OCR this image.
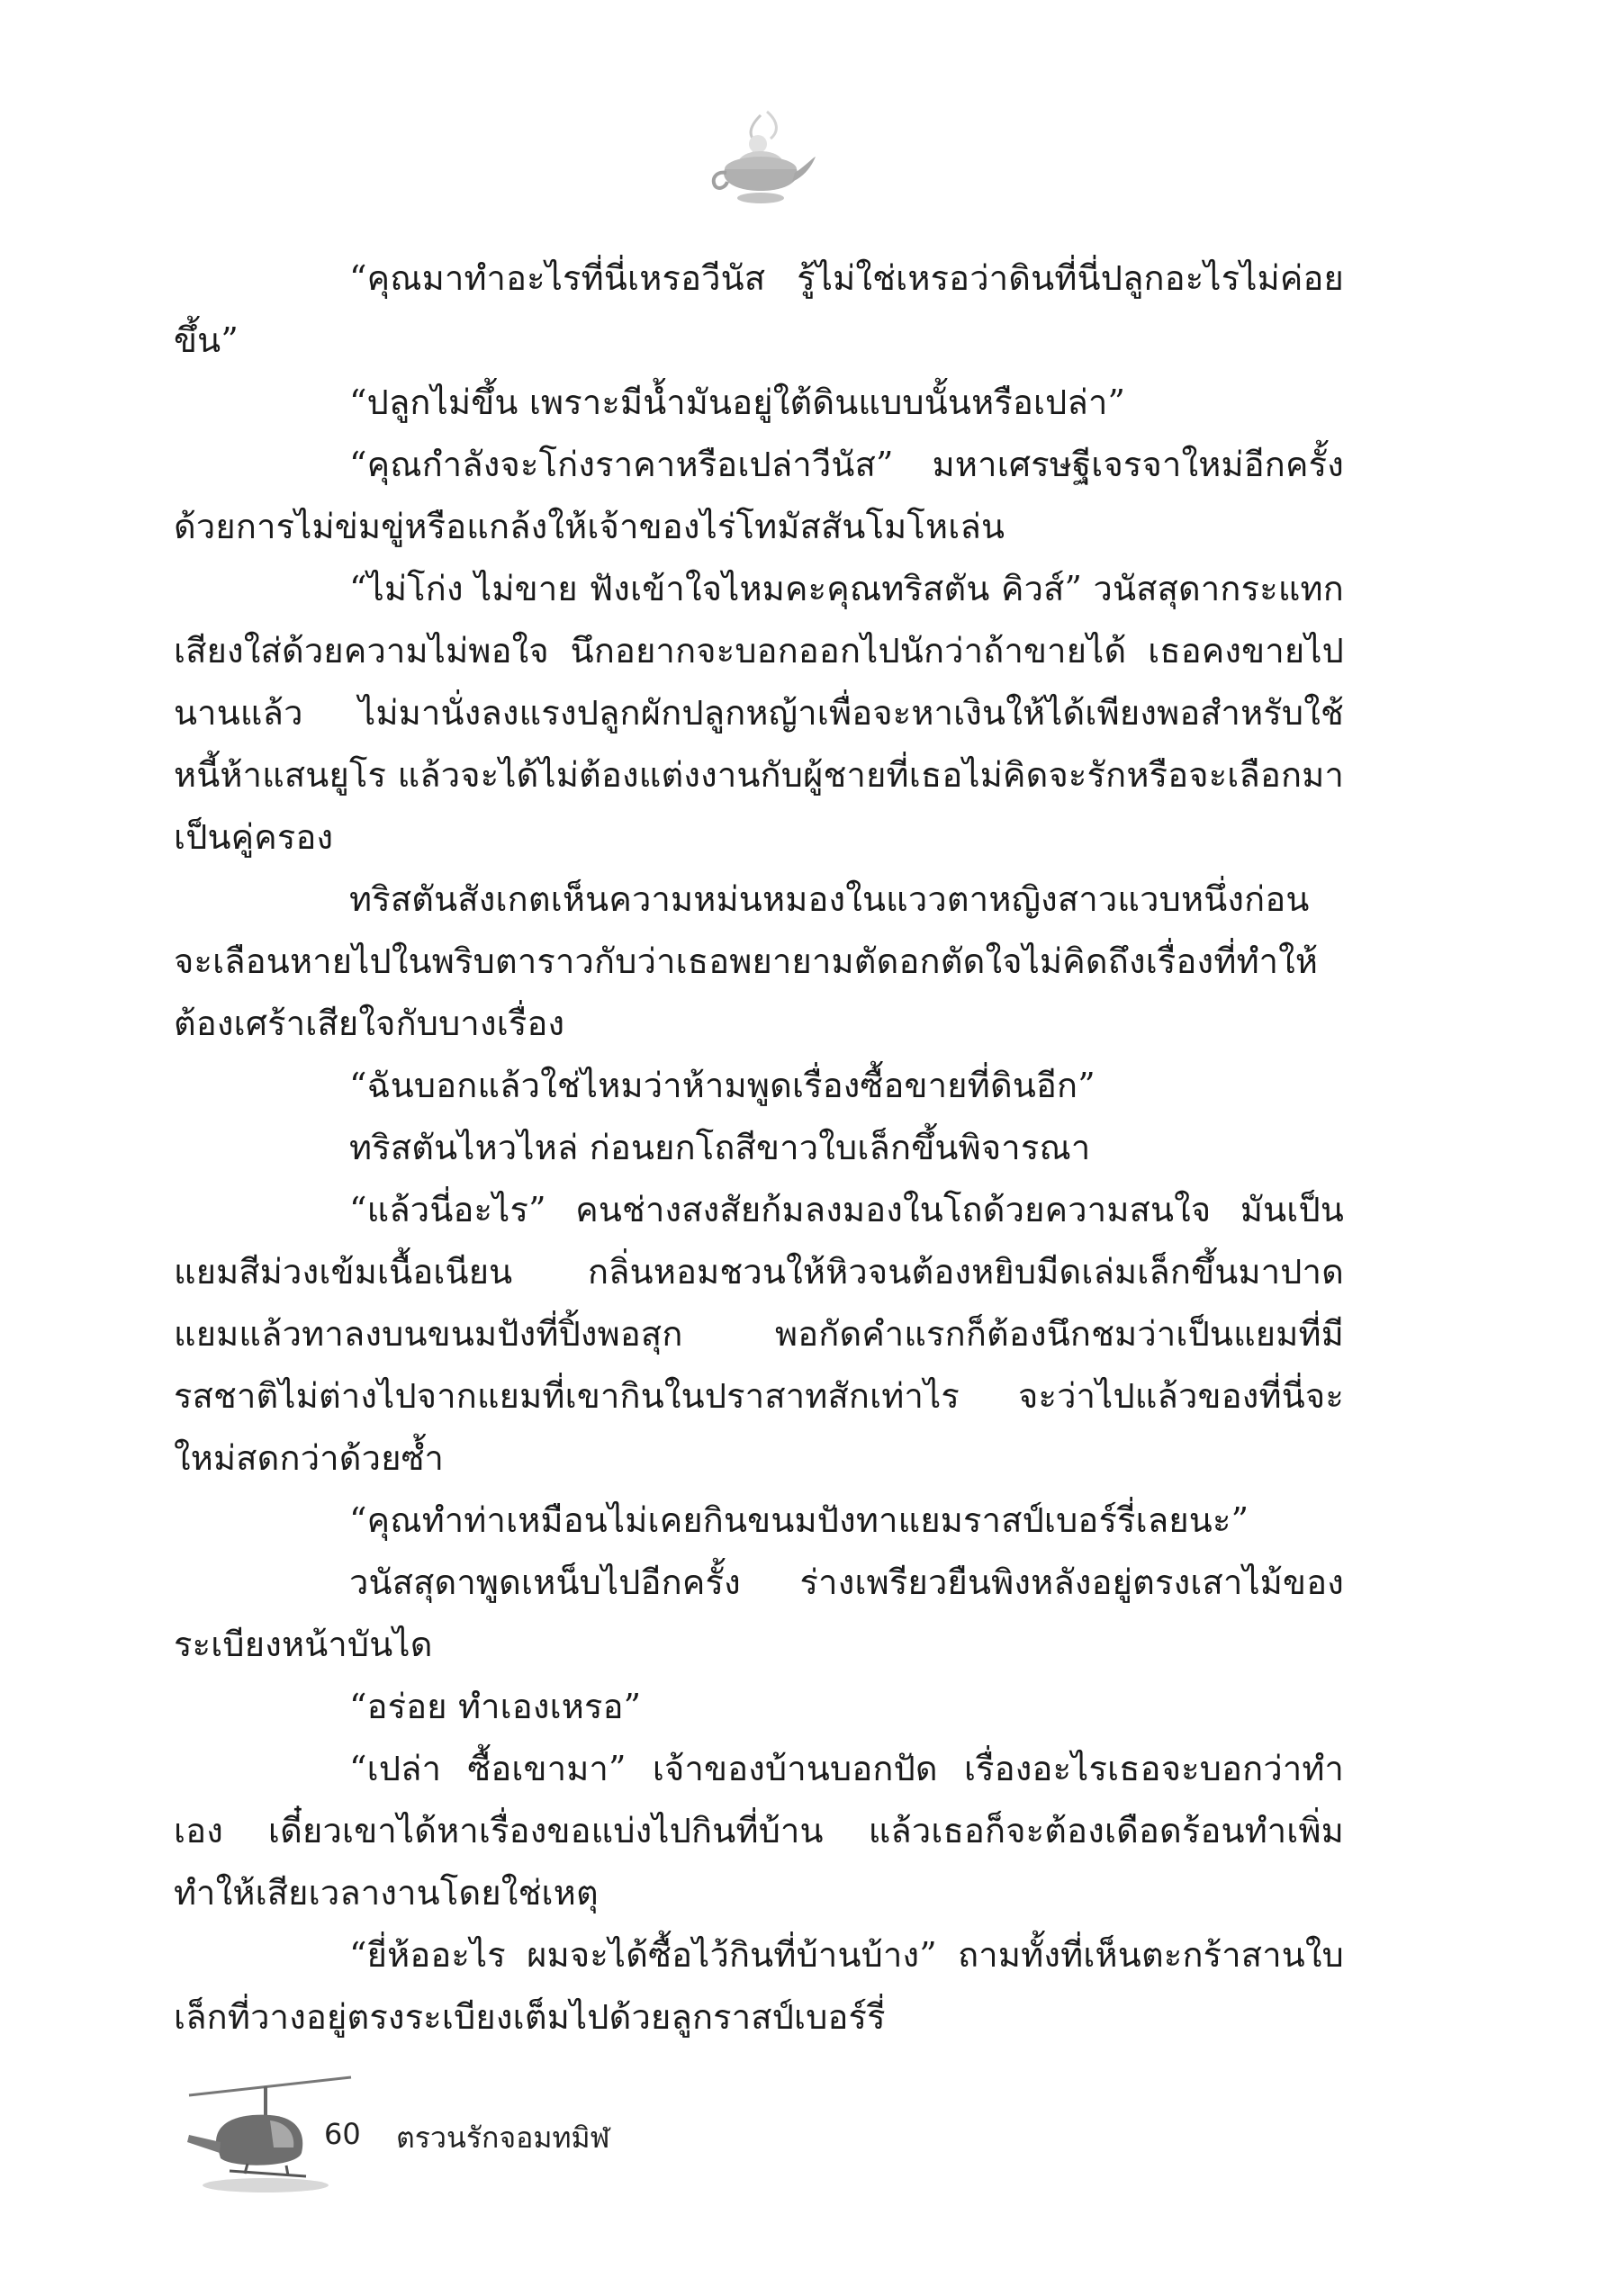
“คุณมาทำอะไรที่นี่เหรอวีนัส รู้ไม่ใช่เหรอว่าดินที่นี่ปลูกอะไรไม่ค่อยขึ้น”

“ปลูกไม่ขึ้น เพราะมีน้ำมันอยู่ใต้ดินแบบนั้นหรือเปล่า”

“คุณกำลังจะโก่งราคาหรือเปล่าวีนัส” มหาเศรษฐีเจรจาใหม่อีกครั้งด้วยการไม่ข่มขู่หรือแกล้งให้เจ้าของไร่โทมัสสันโมโหเล่น

“ไม่โก่ง ไม่ขาย ฟังเข้าใจไหมคะคุณทริสตัน คิวส์” วนัสสุดากระแทกเสียงใส่ด้วยความไม่พอใจ นึกอยากจะบอกออกไปนักว่าถ้าขายได้ เธอคงขายไปนานแล้ว ไม่มานั่งลงแรงปลูกผักปลูกหญ้าเพื่อจะหาเงินให้ได้เพียงพอสำหรับใช้หนี้ห้าแสนยูโร แล้วจะได้ไม่ต้องแต่งงานกับผู้ชายที่เธอไม่คิดจะรักหรือจะเลือกมาเป็นคู่ครอง

ทริสตันสังเกตเห็นความหม่นหมองในแววตาหญิงสาวแวบหนึ่งก่อนจะเลือนหายไปในพริบตาราวกับว่าเธอพยายามตัดอกตัดใจไม่คิดถึงเรื่องที่ทำให้ต้องเศร้าเสียใจกับบางเรื่อง

“ฉันบอกแล้วใช่ไหมว่าห้ามพูดเรื่องซื้อขายที่ดินอีก”

ทริสตันไหวไหล่ ก่อนยกโถสีขาวใบเล็กขึ้นพิจารณา

“แล้วนี่อะไร” คนช่างสงสัยก้มลงมองในโถด้วยความสนใจ มันเป็นแยมสีม่วงเข้มเนื้อเนียน กลิ่นหอมชวนให้หิวจนต้องหยิบมีดเล่มเล็กขึ้นมาปาดแยมแล้วทาลงบนขนมปังที่ปิ้งพอสุก พอกัดคำแรกก็ต้องนึกชมว่าเป็นแยมที่มีรสชาติไม่ต่างไปจากแยมที่เขากินในปราสาทสักเท่าไร จะว่าไปแล้วของที่นี่จะใหม่สดกว่าด้วยซ้ำ

“คุณทำท่าเหมือนไม่เคยกินขนมปังทาแยมราสป์เบอร์รี่เลยนะ”

วนัสสุดาพูดเหน็บไปอีกครั้ง ร่างเพรียวยืนพิงหลังอยู่ตรงเสาไม้ของระเบียงหน้าบันได

“อร่อย ทำเองเหรอ”

“เปล่า ซื้อเขามา” เจ้าของบ้านบอกปัด เรื่องอะไรเธอจะบอกว่าทำเอง เดี๋ยวเขาได้หาเรื่องขอแบ่งไปกินที่บ้าน แล้วเธอก็จะต้องเดือดร้อนทำเพิ่ม ทำให้เสียเวลางานโดยใช่เหตุ

“ยี่ห้ออะไร ผมจะได้ซื้อไว้กินที่บ้านบ้าง” ถามทั้งที่เห็นตะกร้าสานใบเล็กที่วางอยู่ตรงระเบียงเต็มไปด้วยลูกราสป์เบอร์รี่

60 ตรวนรักจอมทมิฬ
